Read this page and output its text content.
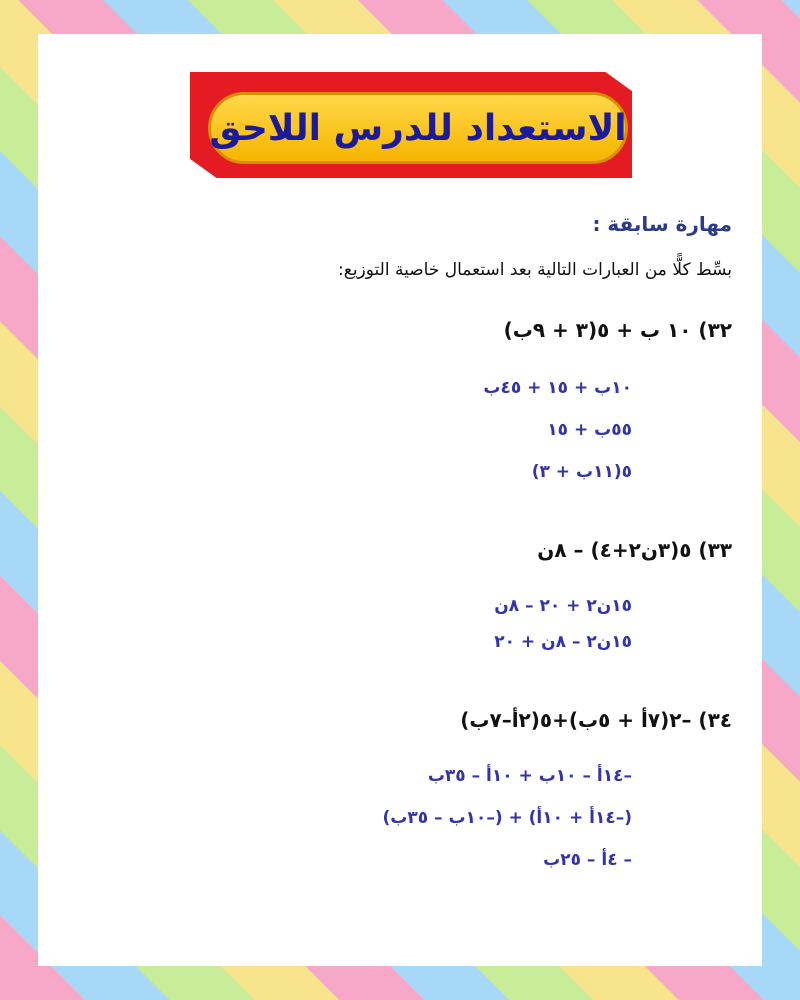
الاستعداد للدرس اللاحق
مهارة سابقة :
بسِّط كلًّا من العبارات التالية بعد استعمال خاصية التوزيع:
٣٢) ١٠ ب + ٥(٣ + ٩ب)
١٠ب + ١٥ + ٤٥ب
٥٥ب + ١٥
٥(١١ب + ٣)
٣٣) ٥(٣ن٢+٤) – ٨ن
١٥ن٢ + ٢٠ – ٨ن
١٥ن٢ – ٨ن + ٢٠
٣٤) –٢(٧أ + ٥ب)+٥(٢أ–٧ب)
–١٤أ – ١٠ب + ١٠أ – ٣٥ب
(–١٤أ + ١٠أ) + (–١٠ب – ٣٥ب)
– ٤أ – ٢٥ب
